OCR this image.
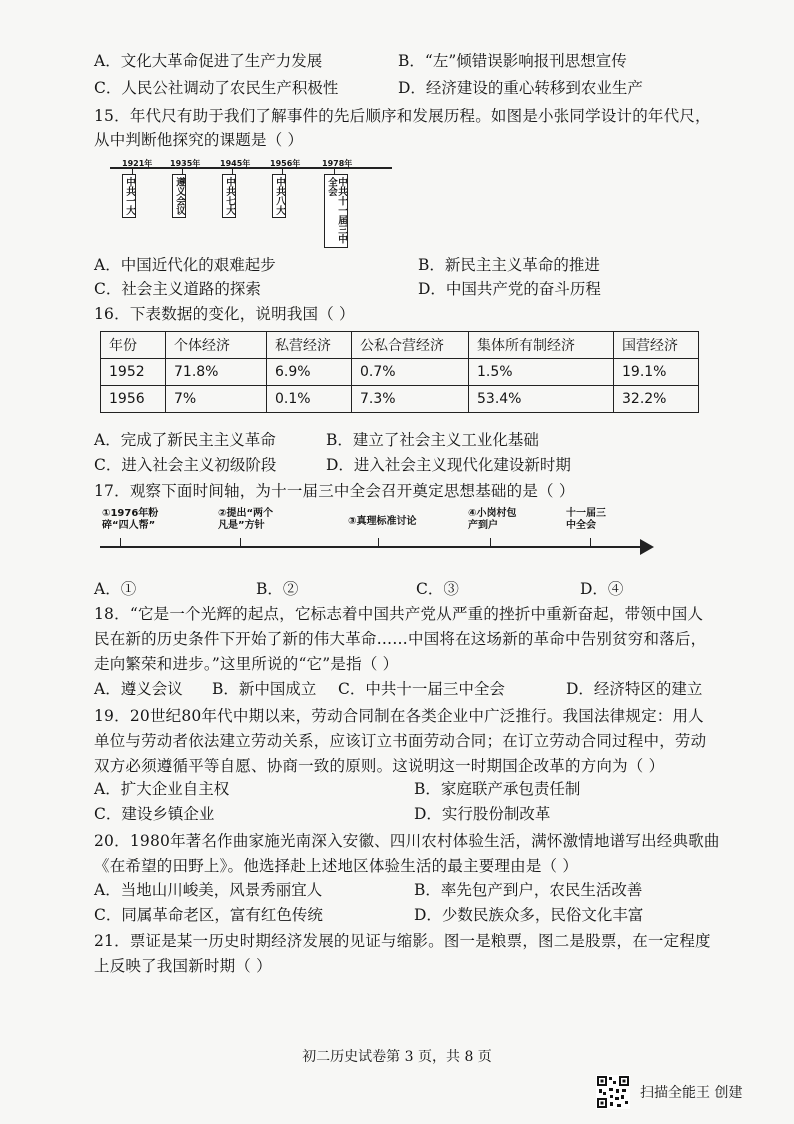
A．文化大革命促进了生产力发展	B．“左”倾错误影响报刊思想宣传
C．人民公社调动了农民生产积极性	D．经济建设的重心转移到农业生产
15．年代尺有助于我们了解事件的先后顺序和发展历程。如图是小张同学设计的年代尺，
从中判断他探究的课题是（ ）
1921年 1935年 1945年 1956年	1978年
中共一大	遵义会议	中共七大	中共八大	中共十一届三中全会
A．中国近代化的艰难起步	B．新民主主义革命的推进
C．社会主义道路的探索	D．中国共产党的奋斗历程
16．下表数据的变化，说明我国（ ）
年份	个体经济	私营经济	公私合营经济	集体所有制经济	国营经济
1952	71.8%	6.9%	0.7%	1.5%	19.1%
1956	7%	0.1%	7.3%	53.4%	32.2%
A．完成了新民主主义革命	B．建立了社会主义工业化基础
C．进入社会主义初级阶段	D．进入社会主义现代化建设新时期
17．观察下面时间轴，为十一届三中全会召开奠定思想基础的是（ ）
①1976年粉
碎“四人帮”
②提出“两个
凡是”方针	③真理标准讨论
④小岗村包
产到户
十一届三
中全会
A．①	B．②	C．③	D．④
18．“它是一个光辉的起点，它标志着中国共产党从严重的挫折中重新奋起，带领中国人
民在新的历史条件下开始了新的伟大革命……中国将在这场新的革命中告别贫穷和落后，
走向繁荣和进步。”这里所说的“它”是指（ ）
A．遵义会议 B．新中国成立 C．中共十一届三中全会	D．经济特区的建立
19．20世纪80年代中期以来，劳动合同制在各类企业中广泛推行。我国法律规定：用人
单位与劳动者依法建立劳动关系，应该订立书面劳动合同；在订立劳动合同过程中，劳动
双方必须遵循平等自愿、协商一致的原则。这说明这一时期国企改革的方向为（ ）
A．扩大企业自主权	B．家庭联产承包责任制
C．建设乡镇企业	D．实行股份制改革
20．1980年著名作曲家施光南深入安徽、四川农村体验生活，满怀激情地谱写出经典歌曲
《在希望的田野上》。他选择赴上述地区体验生活的最主要理由是（ ）
A．当地山川峻美，风景秀丽宜人	B．率先包产到户，农民生活改善
C．同属革命老区，富有红色传统	D．少数民族众多，民俗文化丰富
21．票证是某一历史时期经济发展的见证与缩影。图一是粮票，图二是股票，在一定程度
上反映了我国新时期（ ）
初二历史试卷第 3 页，共 8 页
扫描全能王 创建
